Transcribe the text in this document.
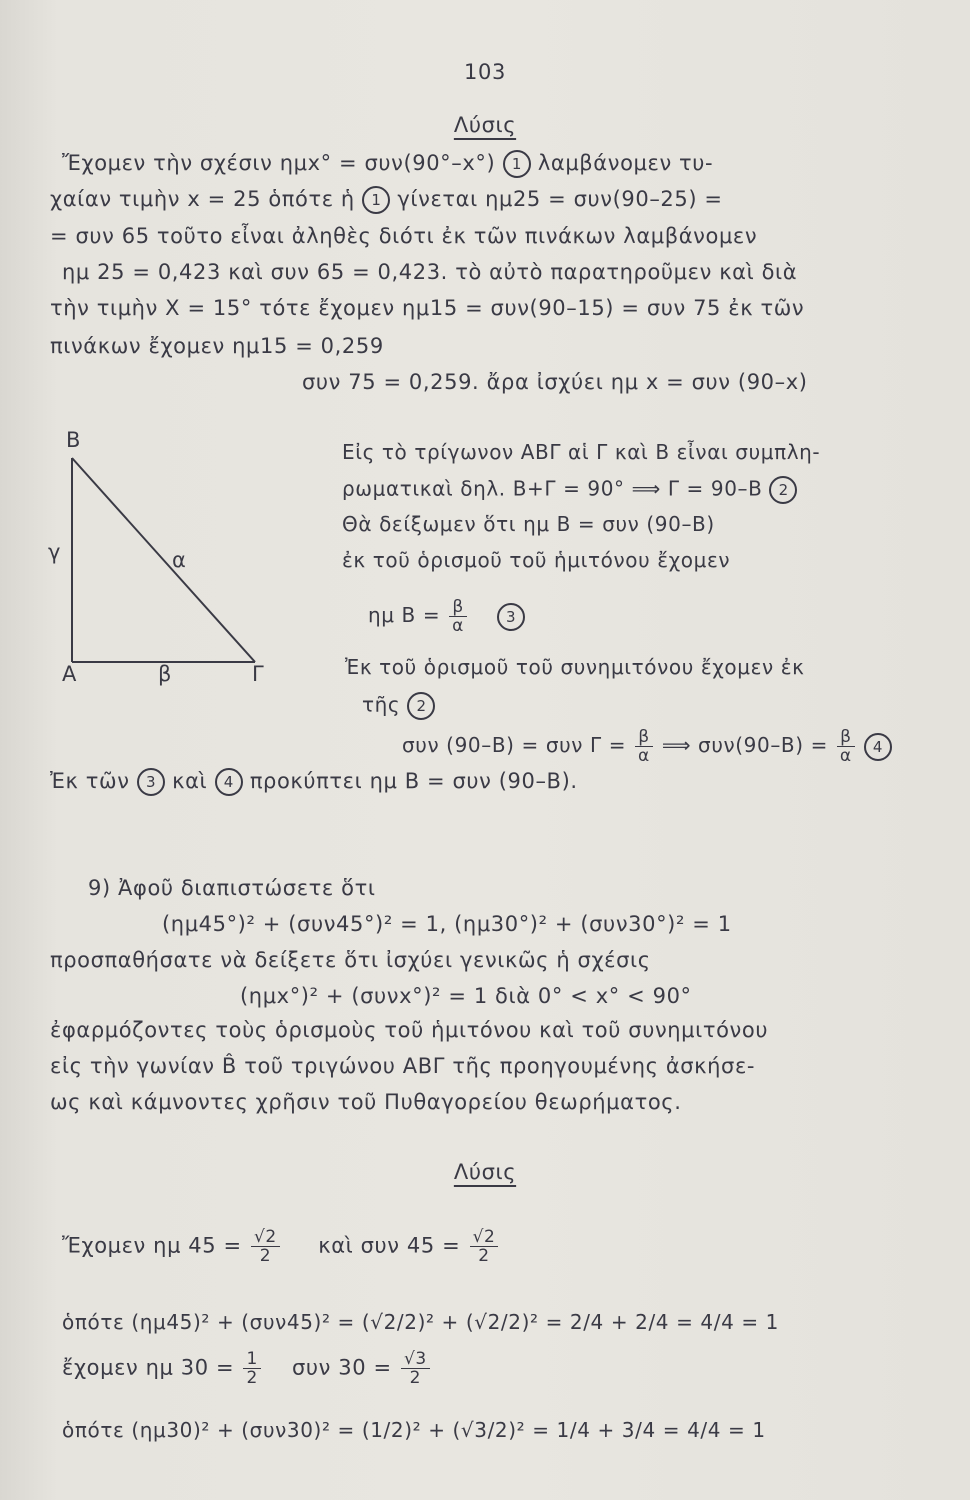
103
Λύσις
Ἔχομεν τὴν σχέσιν ημx° = συν(90°–x°) 1 λαμβάνομεν τυ-
χαίαν τιμὴν x = 25 ὁπότε ἡ 1 γίνεται ημ25 = συν(90–25) =
= συν 65 τοῦτο εἶναι ἀληθὲς διότι ἐκ τῶν πινάκων λαμβάνομεν
ημ 25 = 0,423 καὶ συν 65 = 0,423. τὸ αὐτὸ παρατηροῦμεν καὶ διὰ
τὴν τιμὴν X = 15° τότε ἔχομεν ημ15 = συν(90–15) = συν 75 ἐκ τῶν
πινάκων ἔχομεν ημ15 = 0,259
συν 75 = 0,259. ἄρα ἰσχύει ημ x = συν (90–x)
B
A	Γ
γ	α
β
Εἰς τὸ τρίγωνον ΑΒΓ αἱ Γ καὶ Β εἶναι συμπλη-
ρωματικαὶ δηλ. Β+Γ = 90° ⟹ Γ = 90–Β 2
Θὰ δείξωμεν ὅτι ημ Β = συν (90–Β)
ἐκ τοῦ ὁρισμοῦ τοῦ ἡμιτόνου ἔχομεν
ημ $B = \frac{\beta}{\alpha}$	3
Ἐκ τοῦ ὁρισμοῦ τοῦ συνημιτόνου ἔχομεν ἐκ
τῆς 2
συν (90–Β) = συν $\Gamma = \frac{\beta}{\alpha}$ ⟹ $\sigma\upsilon\nu(90-B) = \frac{\beta}{\alpha} 4$
Ἐκ τῶν 3 καὶ 4 προκύπτει ημ Β = συν (90–Β).
9) Ἀφοῦ διαπιστώσετε ὅτι
(ημ45°)² + (συν45°)² = 1, (ημ30°)² + (συν30°)² = 1
προσπαθήσατε νὰ δείξετε ὅτι ἰσχύει γενικῶς ἡ σχέσις
(ημx°)² + (συνx°)² = 1 διὰ 0° < x° < 90°
ἐφαρμόζοντες τοὺς ὁρισμοὺς τοῦ ἡμιτόνου καὶ τοῦ συνημιτόνου
εἰς τὴν γωνίαν B̂ τοῦ τριγώνου ΑΒΓ τῆς προηγουμένης ἀσκήσε-
ως καὶ κάμνοντες χρῆσιν τοῦ Πυθαγορείου θεωρήματος.
Λύσις
Ἔχομεν ημ $45 = \frac{√2}{2}$ καὶ συν $45 = \frac{√2}{2}$
ὁπότε (ημ45)² + (συν45)² = (√2/2)² + (√2/2)² = 2/4 + 2/4 = 4/4 = 1
ἔχομεν ημ $30 = \frac{1}{2}$ συν $30 = \frac{√3}{2}$
ὁπότε (ημ30)² + (συν30)² = (1/2)² + (√3/2)² = 1/4 + 3/4 = 4/4 = 1
